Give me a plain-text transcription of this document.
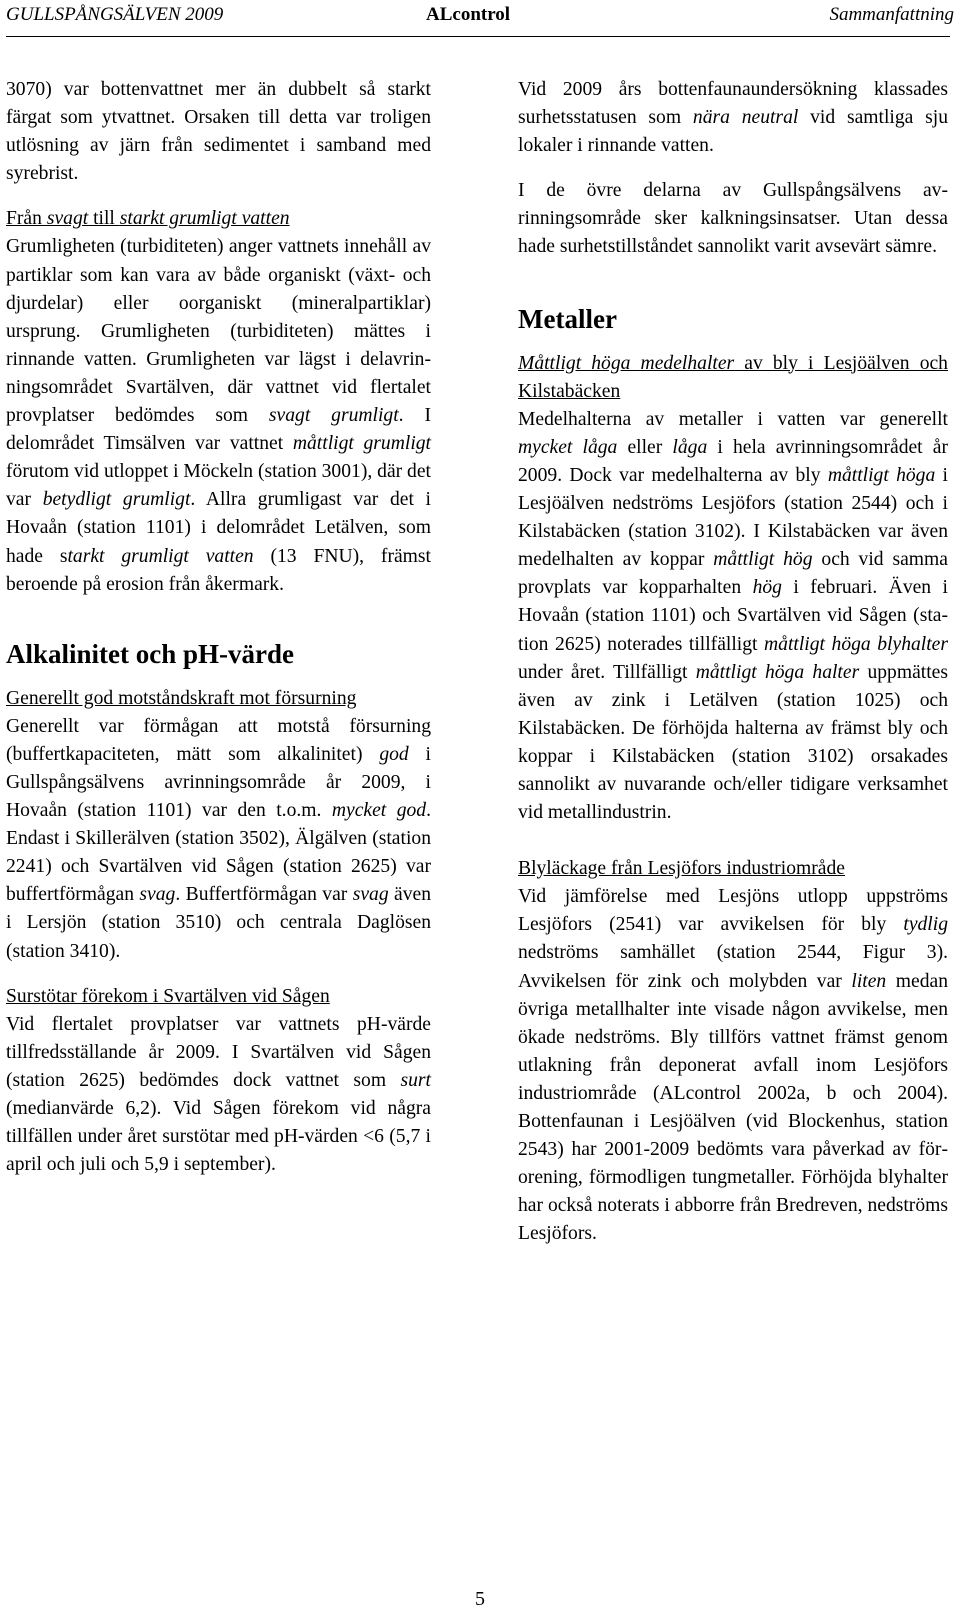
GULLSPÅNGSÄLVEN 2009	ALcontrol	Sammanfattning

3070) var bottenvattnet mer än dubbelt så starkt färgat som ytvattnet. Orsaken till detta var troligen utlösning av järn från sedimentet i samband med syrebrist.

Från svagt till starkt grumligt vatten

Grumligheten (turbiditeten) anger vattnets innehåll av partiklar som kan vara av både organiskt (växt- och djurdelar) eller oorganiskt (mineralpartiklar) ursprung. Grumligheten (turbiditeten) mättes i rinnande vatten. Grumligheten var lägst i delavrinningsområdet Svartälven, där vattnet vid flertalet provplatser bedömdes som svagt grumligt. I delområdet Timsälven var vattnet måttligt grumligt förutom vid utloppet i Möckeln (station 3001), där det var betydligt grumligt. Allra grumligast var det i Hovaån (station 1101) i delområdet Letälven, som hade starkt grumligt vatten (13 FNU), främst beroende på erosion från åkermark.

Alkalinitet och pH-värde

Generellt god motståndskraft mot försurning

Generellt var förmågan att motstå försurning (buffertkapaciteten, mätt som alkalinitet) god i Gullspångsälvens avrinningsområde år 2009, i Hovaån (station 1101) var den t.o.m. mycket god. Endast i Skillerälven (station 3502), Älgälven (station 2241) och Svartälven vid Sågen (station 2625) var buffertförmågan svag. Buffertförmågan var svag även i Lersjön (station 3510) och centrala Daglösen (station 3410).

Surstötar förekom i Svartälven vid Sågen

Vid flertalet provplatser var vattnets pH-värde tillfredsställande år 2009. I Svartälven vid Sågen (station 2625) bedömdes dock vattnet som surt (medianvärde 6,2). Vid Sågen förekom vid några tillfällen under året surstötar med pH-värden <6 (5,7 i april och juli och 5,9 i september).

Vid 2009 års bottenfaunaundersökning klassades surhetsstatusen som nära neutral vid samtliga sju lokaler i rinnande vatten.

I de övre delarna av Gullspångsälvens avrinningsområde sker kalkningsinsatser. Utan dessa hade surhetstillståndet sannolikt varit avsevärt sämre.

Metaller

Måttligt höga medelhalter av bly i Lesjöälven och Kilstabäcken

Medelhalterna av metaller i vatten var generellt mycket låga eller låga i hela avrinningsområdet år 2009. Dock var medelhalterna av bly måttligt höga i Lesjöälven nedströms Lesjöfors (station 2544) och i Kilstabäcken (station 3102). I Kilstabäcken var även medelhalten av koppar måttligt hög och vid samma provplats var kopparhalten hög i februari. Även i Hovaån (station 1101) och Svartälven vid Sågen (station 2625) noterades tillfälligt måttligt höga blyhalter under året. Tillfälligt måttligt höga halter uppmättes även av zink i Letälven (station 1025) och Kilstabäcken. De förhöjda halterna av främst bly och koppar i Kilstabäcken (station 3102) orsakades sannolikt av nuvarande och/eller tidigare verksamhet vid metallindustrin.

Blyläckage från Lesjöfors industriområde

Vid jämförelse med Lesjöns utlopp uppströms Lesjöfors (2541) var avvikelsen för bly tydlig nedströms samhället (station 2544, Figur 3). Avvikelsen för zink och molybden var liten medan övriga metallhalter inte visade någon avvikelse, men ökade nedströms. Bly tillförs vattnet främst genom utlakning från deponerat avfall inom Lesjöfors industriområde (ALcontrol 2002a, b och 2004). Bottenfaunan i Lesjöälven (vid Blockenhus, station 2543) har 2001-2009 bedömts vara påverkad av förorening, förmodligen tungmetaller. Förhöjda blyhalter har också noterats i abborre från Bredreven, nedströms Lesjöfors.

5
